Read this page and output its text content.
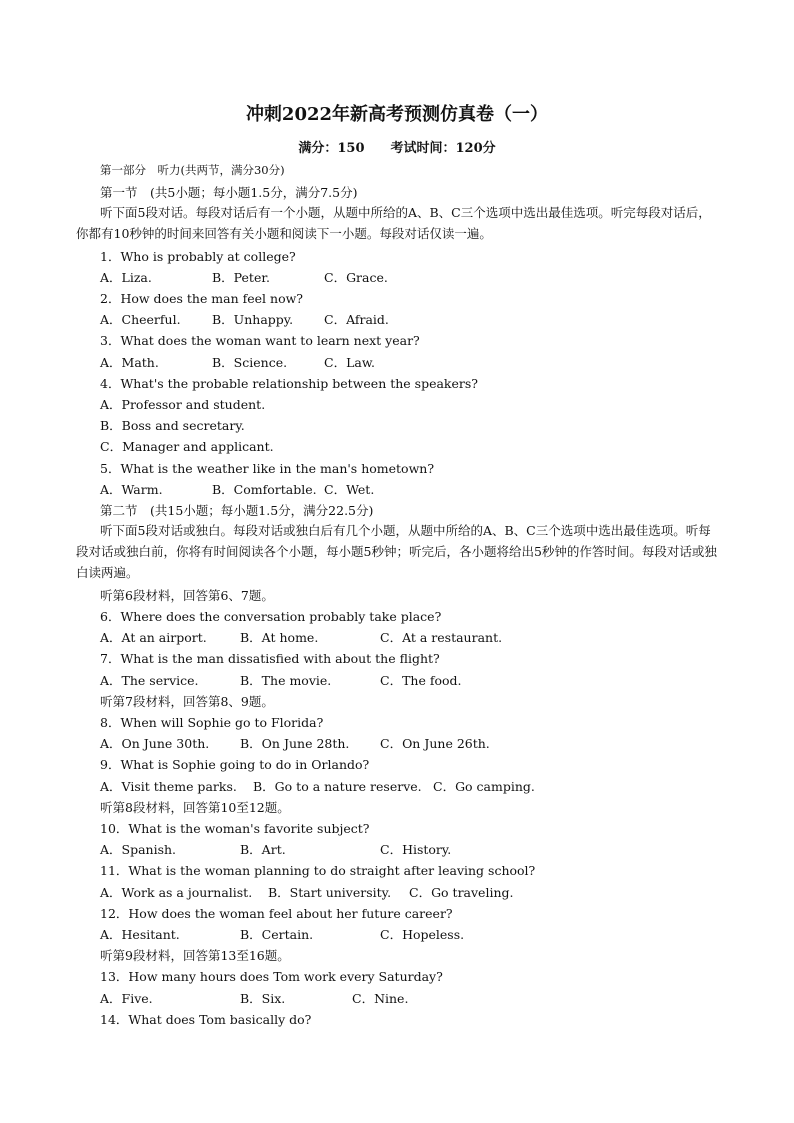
冲刺2022年新高考预测仿真卷（一）
满分：150　　考试时间：120分
第一部分　听力(共两节，满分30分)
第一节　(共5小题；每小题1.5分，满分7.5分)
听下面5段对话。每段对话后有一个小题，从题中所给的A、B、C三个选项中选出最佳选项。听完每段对话后，你都有10秒钟的时间来回答有关小题和阅读下一小题。每段对话仅读一遍。
1．Who is probably at college?
A．Liza.	B．Peter.	C．Grace.
2．How does the man feel now?
A．Cheerful.	B．Unhappy. C．Afraid.
3．What does the woman want to learn next year?
A．Math.	B．Science.	C．Law.
4．What's the probable relationship between the speakers?
A．Professor and student.
B．Boss and secretary.
C．Manager and applicant.
5．What is the weather like in the man's hometown?
A．Warm.	B．Comfortable. C．Wet.
第二节　(共15小题；每小题1.5分，满分22.5分)
听下面5段对话或独白。每段对话或独白后有几个小题，从题中所给的A、B、C三个选项中选出最佳选项。听每段对话或独白前，你将有时间阅读各个小题，每小题5秒钟；听完后，各小题将给出5秒钟的作答时间。每段对话或独白读两遍。
听第6段材料，回答第6、7题。
6．Where does the conversation probably take place?
A．At an airport.	B．At home.	C．At a restaurant.
7．What is the man dissatisfied with about the flight?
A．The service.	B．The movie.	C．The food.
听第7段材料，回答第8、9题。
8．When will Sophie go to Florida?
A．On June 30th. B．On June 28th. C．On June 26th.
9．What is Sophie going to do in Orlando?
A．Visit theme parks. B．Go to a nature reserve. C．Go camping.
听第8段材料，回答第10至12题。
10．What is the woman's favorite subject?
A．Spanish.	B．Art.	C．History.
11．What is the woman planning to do straight after leaving school?
A．Work as a journalist. B．Start university. C．Go traveling.
12．How does the woman feel about her future career?
A．Hesitant.	B．Certain.	C．Hopeless.
听第9段材料，回答第13至16题。
13．How many hours does Tom work every Saturday?
A．Five.	B．Six.	C．Nine.
14．What does Tom basically do?
